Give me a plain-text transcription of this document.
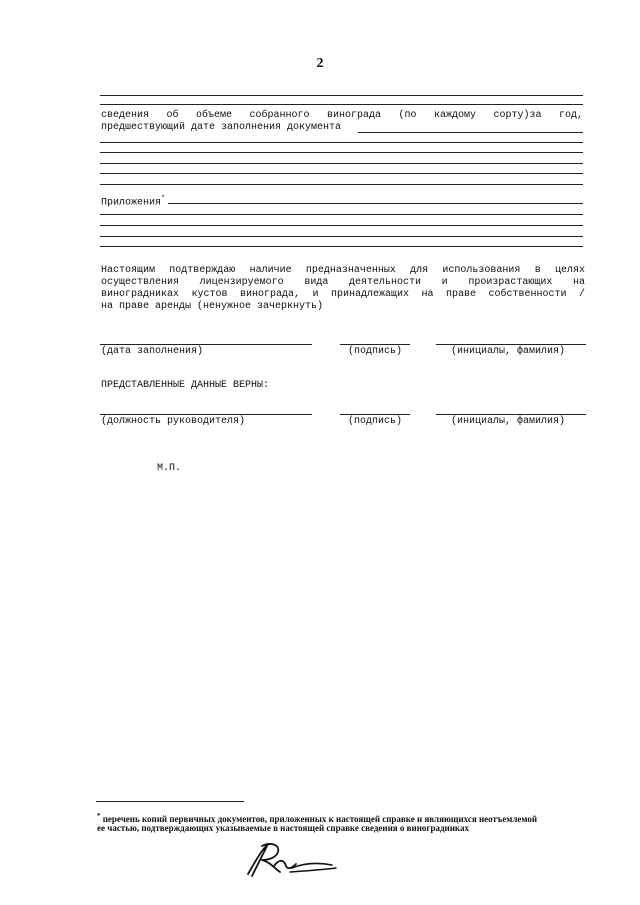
2
сведения об объеме собранного винограда (по каждому сорту)за год,
предшествующий дате заполнения документа
Приложения*
Настоящим подтверждаю наличие предназначенных для использования в целях
осуществления лицензируемого вида деятельности и произрастающих на
виноградниках кустов винограда, и принадлежащих на праве собственности /
на праве аренды (ненужное зачеркнуть)
(дата заполнения)	(подпись)	(инициалы, фамилия)
ПРЕДСТАВЛЕННЫЕ ДАННЫЕ ВЕРНЫ:
(должность руководителя)	(подпись)	(инициалы, фамилия)
М.П.
* перечень копий первичных документов, приложенных к настоящей справке и являющихся неотъемлемой
ее частью, подтверждающих указываемые в настоящей справке сведения о виноградниках
